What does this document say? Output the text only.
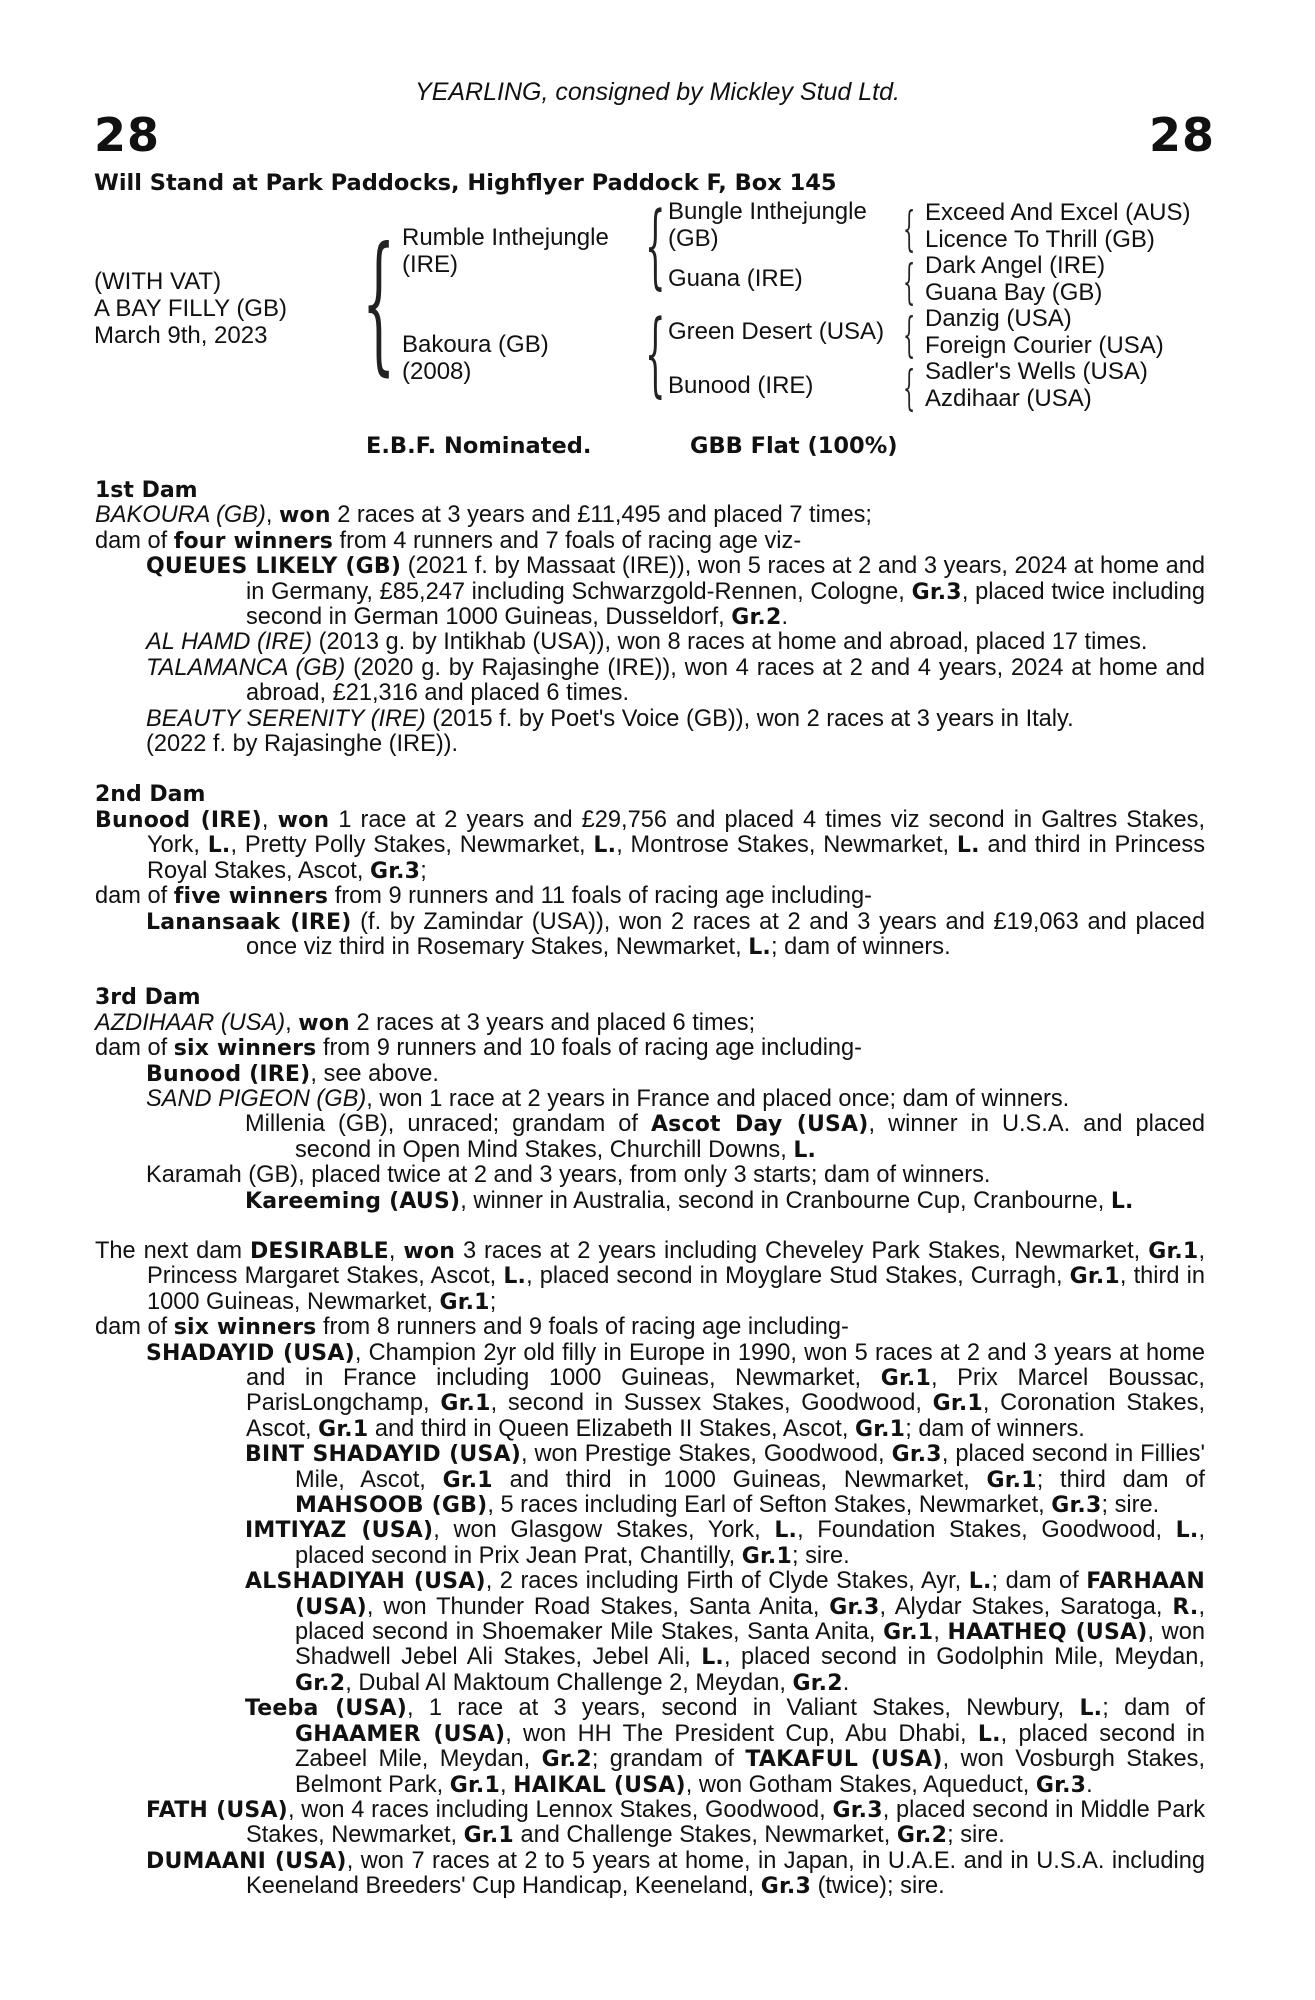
YEARLING, consigned by Mickley Stud Ltd.
28	28
Will Stand at Park Paddocks, Highflyer Paddock F, Box 145
(WITH VAT)
A BAY FILLY (GB)
March 9th, 2023 { Rumble Inthejungle
(IRE)
Bakoura (GB)
(2008)
{
{
Bungle Inthejungle
(GB)
Guana (IRE)
Green Desert (USA)
Bunood (IRE)
{
{
{
{
Exceed And Excel (AUS)
Licence To Thrill (GB)
Dark Angel (IRE)
Guana Bay (GB)
Danzig (USA)
Foreign Courier (USA)
Sadler's Wells (USA)
Azdihaar (USA)
E.B.F. Nominated.	GBB Flat (100%)
1st Dam

BAKOURA (GB), won 2 races at 3 years and £11,495 and placed 7 times;

dam of four winners from 4 runners and 7 foals of racing age viz-

QUEUES LIKELY (GB) (2021 f. by Massaat (IRE)), won 5 races at 2 and 3 years, 2024 at home and in Germany, £85,247 including Schwarzgold-Rennen, Cologne, Gr.3, placed twice including second in German 1000 Guineas, Dusseldorf, Gr.2.

AL HAMD (IRE) (2013 g. by Intikhab (USA)), won 8 races at home and abroad, placed 17 times.

TALAMANCA (GB) (2020 g. by Rajasinghe (IRE)), won 4 races at 2 and 4 years, 2024 at home and abroad, £21,316 and placed 6 times.

BEAUTY SERENITY (IRE) (2015 f. by Poet's Voice (GB)), won 2 races at 3 years in Italy.

(2022 f. by Rajasinghe (IRE)).

2nd Dam

Bunood (IRE), won 1 race at 2 years and £29,756 and placed 4 times viz second in Galtres Stakes, York, L., Pretty Polly Stakes, Newmarket, L., Montrose Stakes, Newmarket, L. and third in Princess Royal Stakes, Ascot, Gr.3;

dam of five winners from 9 runners and 11 foals of racing age including-

Lanansaak (IRE) (f. by Zamindar (USA)), won 2 races at 2 and 3 years and £19,063 and placed once viz third in Rosemary Stakes, Newmarket, L.; dam of winners.

3rd Dam

AZDIHAAR (USA), won 2 races at 3 years and placed 6 times;

dam of six winners from 9 runners and 10 foals of racing age including-

Bunood (IRE), see above.

SAND PIGEON (GB), won 1 race at 2 years in France and placed once; dam of winners.

Millenia (GB), unraced; grandam of Ascot Day (USA), winner in U.S.A. and placed second in Open Mind Stakes, Churchill Downs, L.

Karamah (GB), placed twice at 2 and 3 years, from only 3 starts; dam of winners.

Kareeming (AUS), winner in Australia, second in Cranbourne Cup, Cranbourne, L.

The next dam DESIRABLE, won 3 races at 2 years including Cheveley Park Stakes, Newmarket, Gr.1, Princess Margaret Stakes, Ascot, L., placed second in Moyglare Stud Stakes, Curragh, Gr.1, third in 1000 Guineas, Newmarket, Gr.1;

dam of six winners from 8 runners and 9 foals of racing age including-

SHADAYID (USA), Champion 2yr old filly in Europe in 1990, won 5 races at 2 and 3 years at home and in France including 1000 Guineas, Newmarket, Gr.1, Prix Marcel Boussac, ParisLongchamp, Gr.1, second in Sussex Stakes, Goodwood, Gr.1, Coronation Stakes, Ascot, Gr.1 and third in Queen Elizabeth II Stakes, Ascot, Gr.1; dam of winners.

BINT SHADAYID (USA), won Prestige Stakes, Goodwood, Gr.3, placed second in Fillies' Mile, Ascot, Gr.1 and third in 1000 Guineas, Newmarket, Gr.1; third dam of MAHSOOB (GB), 5 races including Earl of Sefton Stakes, Newmarket, Gr.3; sire.

IMTIYAZ (USA), won Glasgow Stakes, York, L., Foundation Stakes, Goodwood, L., placed second in Prix Jean Prat, Chantilly, Gr.1; sire.

ALSHADIYAH (USA), 2 races including Firth of Clyde Stakes, Ayr, L.; dam of FARHAAN (USA), won Thunder Road Stakes, Santa Anita, Gr.3, Alydar Stakes, Saratoga, R., placed second in Shoemaker Mile Stakes, Santa Anita, Gr.1, HAATHEQ (USA), won Shadwell Jebel Ali Stakes, Jebel Ali, L., placed second in Godolphin Mile, Meydan, Gr.2, Dubal Al Maktoum Challenge 2, Meydan, Gr.2.

Teeba (USA), 1 race at 3 years, second in Valiant Stakes, Newbury, L.; dam of GHAAMER (USA), won HH The President Cup, Abu Dhabi, L., placed second in Zabeel Mile, Meydan, Gr.2; grandam of TAKAFUL (USA), won Vosburgh Stakes, Belmont Park, Gr.1, HAIKAL (USA), won Gotham Stakes, Aqueduct, Gr.3.

FATH (USA), won 4 races including Lennox Stakes, Goodwood, Gr.3, placed second in Middle Park Stakes, Newmarket, Gr.1 and Challenge Stakes, Newmarket, Gr.2; sire.

DUMAANI (USA), won 7 races at 2 to 5 years at home, in Japan, in U.A.E. and in U.S.A. including Keeneland Breeders' Cup Handicap, Keeneland, Gr.3 (twice); sire.
